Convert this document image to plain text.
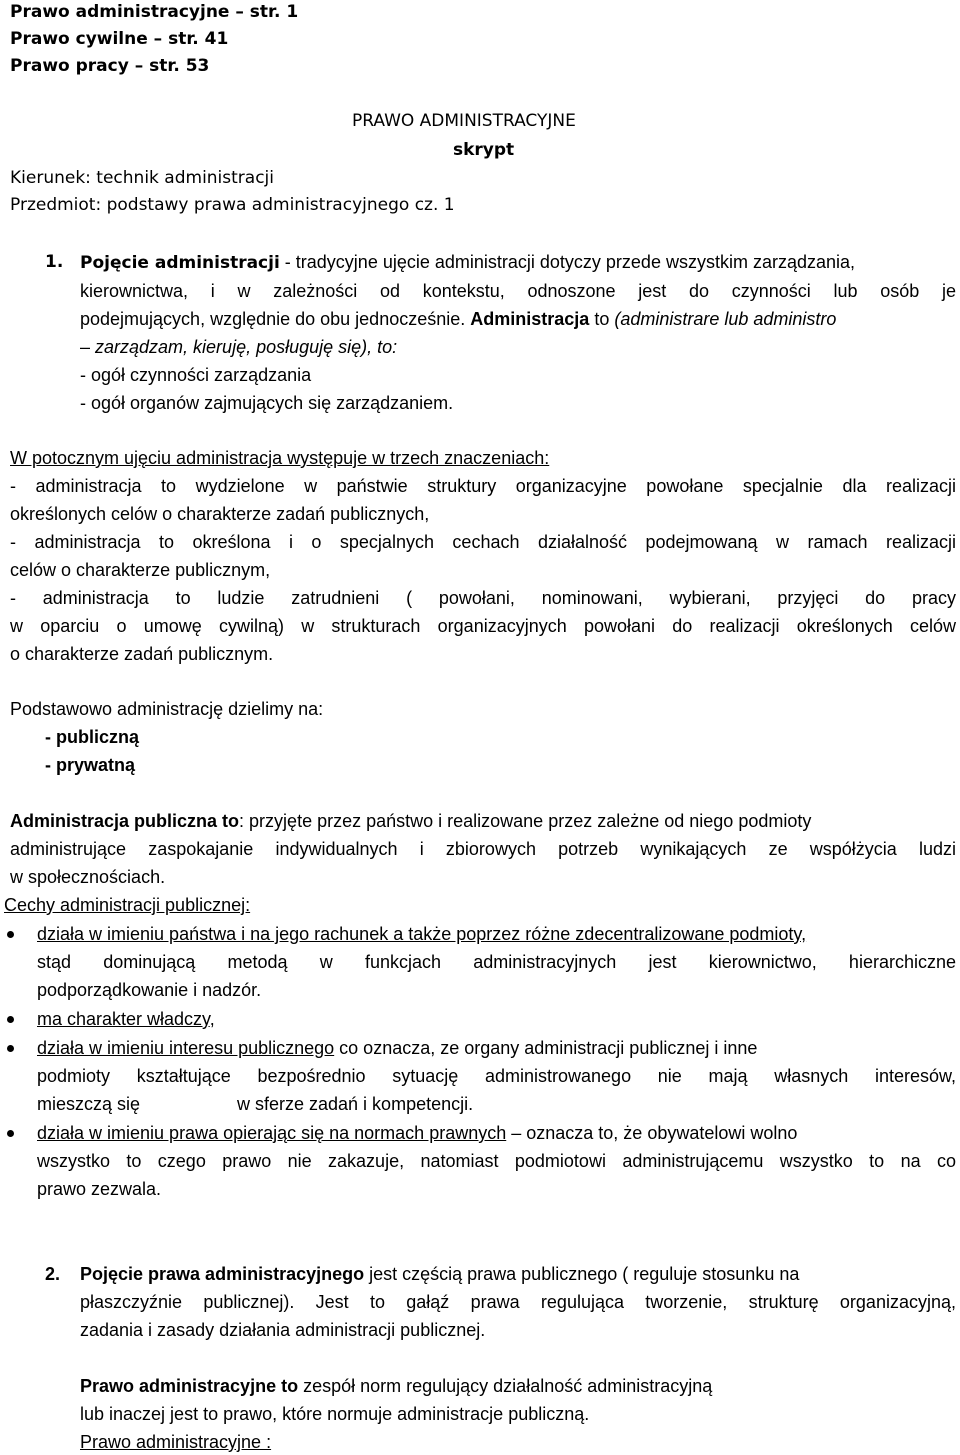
Prawo administracyjne – str. 1
Prawo cywilne – str. 41
Prawo pracy – str. 53
PRAWO ADMINISTRACYJNE
skrypt
Kierunek: technik administracji
Przedmiot: podstawy prawa administracyjnego cz. 1
1. Pojęcie administracji - tradycyjne ujęcie administracji dotyczy przede wszystkim zarządzania,
kierownictwa, i w zależności od kontekstu, odnoszone jest do czynności lub osób je
podejmujących, względnie do obu jednocześnie. Administracja to (administrare lub administro
– zarządzam, kieruję, posługuję się), to:
- ogół czynności zarządzania
- ogół organów zajmujących się zarządzaniem.
W potocznym ujęciu administracja występuje w trzech znaczeniach:
- administracja to wydzielone w państwie struktury organizacyjne powołane specjalnie dla realizacji
określonych celów o charakterze zadań publicznych,
- administracja to określona i o specjalnych cechach działalność podejmowaną w ramach realizacji
celów o charakterze publicznym,
- administracja to ludzie zatrudnieni ( powołani, nominowani, wybierani, przyjęci do pracy
w oparciu o umowę cywilną) w strukturach organizacyjnych powołani do realizacji określonych celów
o charakterze zadań publicznym.
Podstawowo administrację dzielimy na:
- publiczną
- prywatną
Administracja publiczna to: przyjęte przez państwo i realizowane przez zależne od niego podmioty
administrujące zaspokajanie indywidualnych i zbiorowych potrzeb wynikających ze współżycia ludzi
w społecznościach.
Cechy administracji publicznej:
działa w imieniu państwa i na jego rachunek a także poprzez różne zdecentralizowane podmioty,
stąd dominującą metodą w funkcjach administracyjnych jest kierownictwo, hierarchiczne
podporządkowanie i nadzór.
ma charakter władczy,
działa w imieniu interesu publicznego co oznacza, ze organy administracji publicznej i inne
podmioty kształtujące bezpośrednio sytuację administrowanego nie mają własnych interesów,
mieszczą się	w sferze zadań i kompetencji.
działa w imieniu prawa opierając się na normach prawnych – oznacza to, że obywatelowi wolno
wszystko to czego prawo nie zakazuje, natomiast podmiotowi administrującemu wszystko to na co
prawo zezwala.
2. Pojęcie prawa administracyjnego jest częścią prawa publicznego ( reguluje stosunku na
płaszczyźnie publicznej). Jest to gałąź prawa regulująca tworzenie, strukturę organizacyjną,
zadania i zasady działania administracji publicznej.
Prawo administracyjne to zespół norm regulujący działalność administracyjną
lub inaczej jest to prawo, które normuje administracje publiczną.
Prawo administracyjne :
